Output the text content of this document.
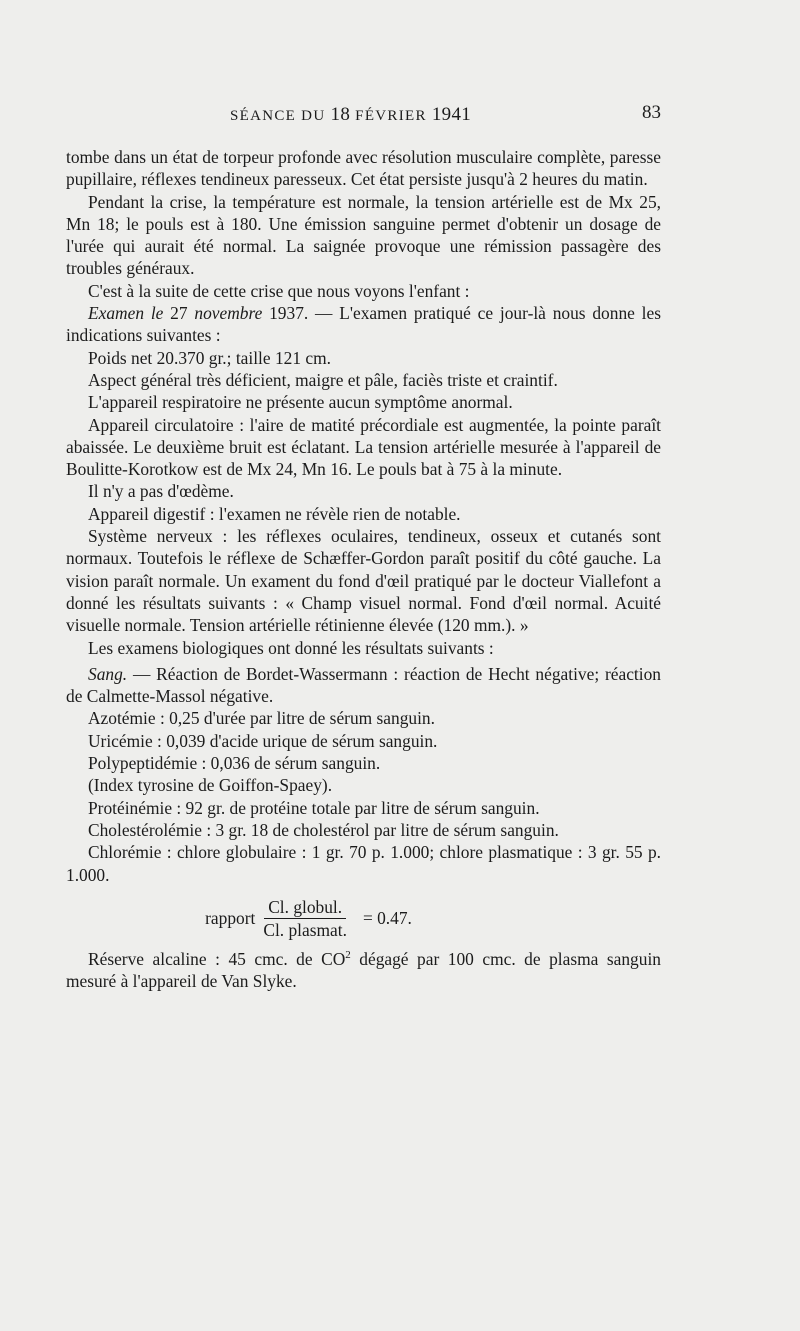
SÉANCE DU 18 FÉVRIER 1941	83

tombe dans un état de torpeur profonde avec résolution musculaire complète, paresse pupillaire, réflexes tendineux paresseux. Cet état persiste jusqu'à 2 heures du matin.

Pendant la crise, la température est normale, la tension artérielle est de Mx 25, Mn 18; le pouls est à 180. Une émission sanguine permet d'obtenir un dosage de l'urée qui aurait été normal. La saignée provoque une rémission passagère des troubles généraux.

C'est à la suite de cette crise que nous voyons l'enfant :

Examen le 27 novembre 1937. — L'examen pratiqué ce jour-là nous donne les indications suivantes :

Poids net 20.370 gr.; taille 121 cm.

Aspect général très déficient, maigre et pâle, faciès triste et craintif.

L'appareil respiratoire ne présente aucun symptôme anormal.

Appareil circulatoire : l'aire de matité précordiale est augmentée, la pointe paraît abaissée. Le deuxième bruit est éclatant. La tension artérielle mesurée à l'appareil de Boulitte-Korotkow est de Mx 24, Mn 16. Le pouls bat à 75 à la minute.

Il n'y a pas d'œdème.

Appareil digestif : l'examen ne révèle rien de notable.

Système nerveux : les réflexes oculaires, tendineux, osseux et cutanés sont normaux. Toutefois le réflexe de Schæffer-Gordon paraît positif du côté gauche. La vision paraît normale. Un exament du fond d'œil pratiqué par le docteur Viallefont a donné les résultats suivants : « Champ visuel normal. Fond d'œil normal. Acuité visuelle normale. Tension artérielle rétinienne élevée (120 mm.). »

Les examens biologiques ont donné les résultats suivants :

Sang. — Réaction de Bordet-Wassermann : réaction de Hecht négative; réaction de Calmette-Massol négative.

Azotémie : 0,25 d'urée par litre de sérum sanguin.

Uricémie : 0,039 d'acide urique de sérum sanguin.

Polypeptidémie : 0,036 de sérum sanguin.

(Index tyrosine de Goiffon-Spaey).

Protéinémie : 92 gr. de protéine totale par litre de sérum sanguin.

Cholestérolémie : 3 gr. 18 de cholestérol par litre de sérum sanguin.

Chlorémie : chlore globulaire : 1 gr. 70 p. 1.000; chlore plasmatique : 3 gr. 55 p. 1.000.

rapport $\frac{\text{Cl. globul.}}{\text{Cl. plasmat.}} = 0.47$.

Réserve alcaline : 45 cmc. de $CO^2$ dégagé par 100 cmc. de plasma sanguin mesuré à l'appareil de Van Slyke.
